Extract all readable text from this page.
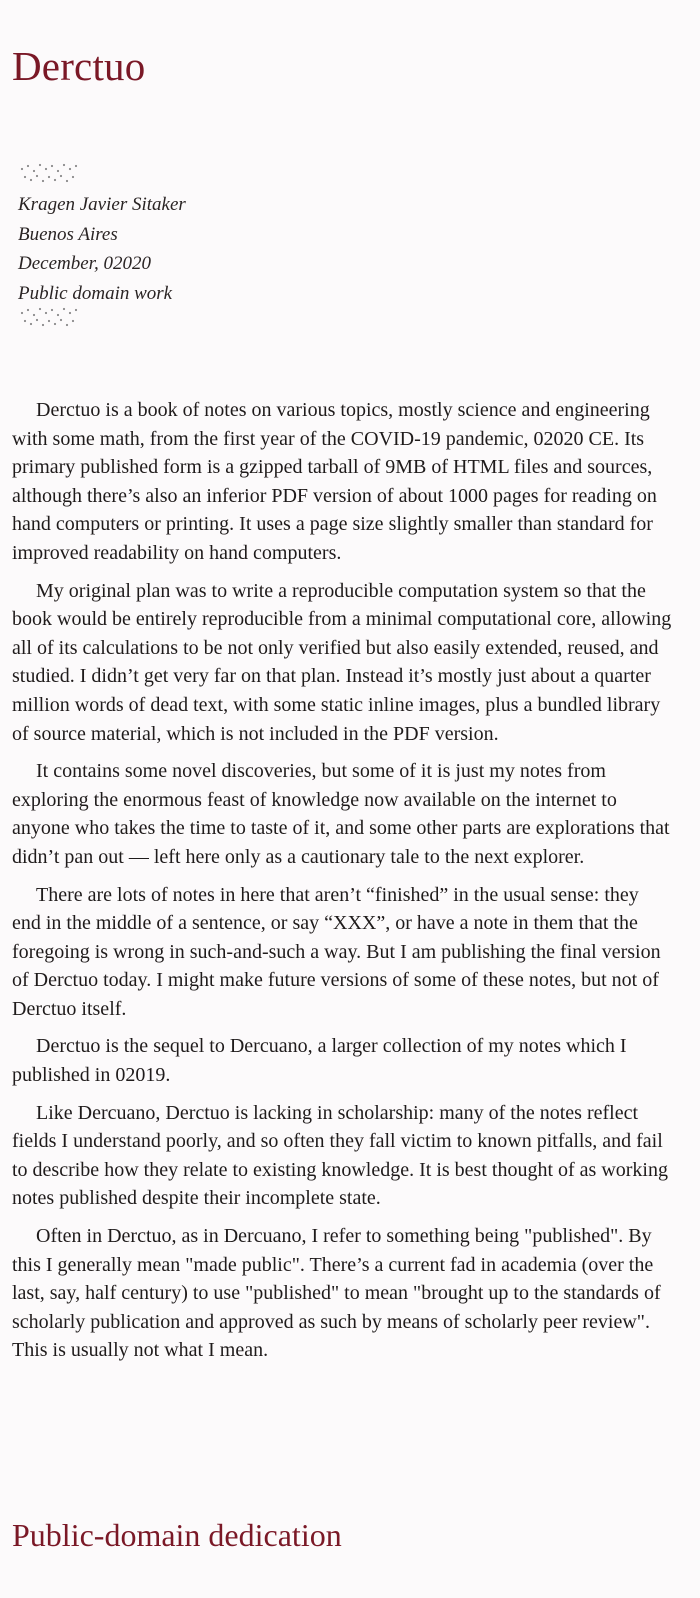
Derctuo
Kragen Javier Sitaker
Buenos Aires
December, 02020
Public domain work

Derctuo is a book of notes on various topics, mostly science and engineering with some math, from the first year of the COVID-19 pandemic, 02020 CE. Its primary published form is a gzipped tarball of 9MB of HTML files and sources, although there’s also an inferior PDF version of about 1000 pages for reading on hand computers or printing. It uses a page size slightly smaller than standard for improved readability on hand computers.

My original plan was to write a reproducible computation system so that the book would be entirely reproducible from a minimal computational core, allowing all of its calculations to be not only verified but also easily extended, reused, and studied. I didn’t get very far on that plan. Instead it’s mostly just about a quarter million words of dead text, with some static inline images, plus a bundled library of source material, which is not included in the PDF version.

It contains some novel discoveries, but some of it is just my notes from exploring the enormous feast of knowledge now available on the internet to anyone who takes the time to taste of it, and some other parts are explorations that didn’t pan out — left here only as a cautionary tale to the next explorer.

There are lots of notes in here that aren’t “finished” in the usual sense: they end in the middle of a sentence, or say “XXX”, or have a note in them that the foregoing is wrong in such-and-such a way. But I am publishing the final version of Derctuo today. I might make future versions of some of these notes, but not of Derctuo itself.

Derctuo is the sequel to Dercuano, a larger collection of my notes which I published in 02019.

Like Dercuano, Derctuo is lacking in scholarship: many of the notes reflect fields I understand poorly, and so often they fall victim to known pitfalls, and fail to describe how they relate to existing knowledge. It is best thought of as working notes published despite their incomplete state.

Often in Derctuo, as in Dercuano, I refer to something being "published". By this I generally mean "made public". There’s a current fad in academia (over the last, say, half century) to use "published" to mean "brought up to the standards of scholarly publication and approved as such by means of scholarly peer review". This is usually not what I mean.

Public-domain dedication
